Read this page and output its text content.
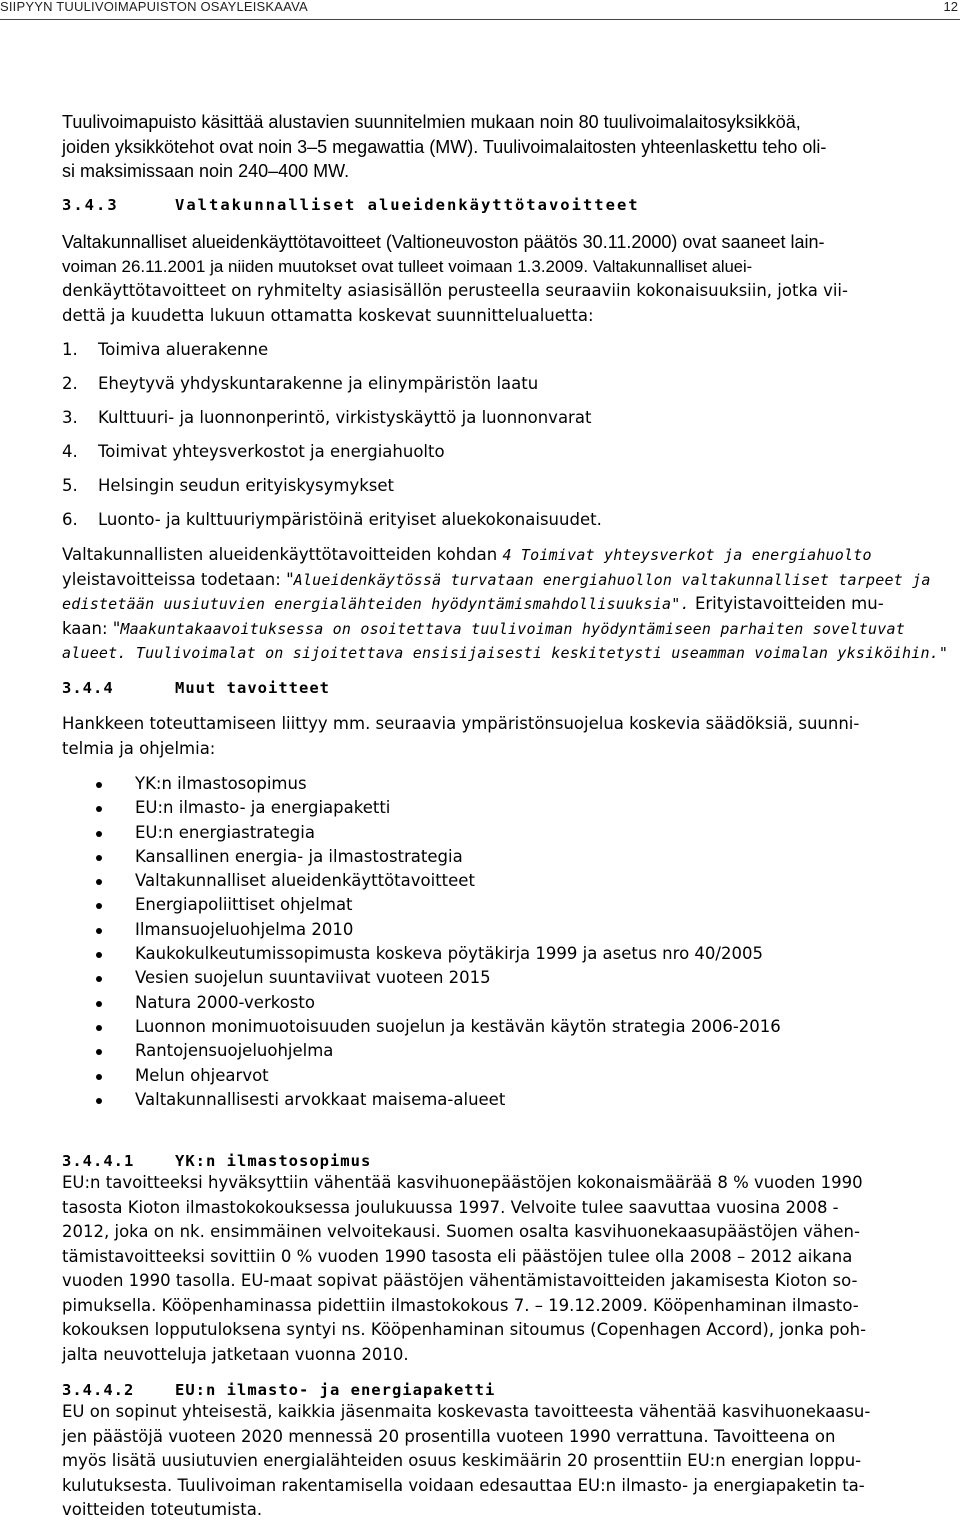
SIIPYYN TUULIVOIMAPUISTON OSAYLEISKAAVA	12
Tuulivoimapuisto käsittää alustavien suunnitelmien mukaan noin 80 tuulivoimalaitosyksikköä,
joiden yksikkötehot ovat noin 3–5 megawattia (MW). Tuulivoimalaitosten yhteenlaskettu teho oli-
si maksimissaan noin 240–400 MW.
3.4.3	Valtakunnalliset alueidenkäyttötavoitteet
Valtakunnalliset alueidenkäyttötavoitteet (Valtioneuvoston päätös 30.11.2000) ovat saaneet lain-
voiman 26.11.2001 ja niiden muutokset ovat tulleet voimaan 1.3.2009. Valtakunnalliset aluei-
denkäyttötavoitteet on ryhmitelty asiasisällön perusteella seuraaviin kokonaisuuksiin, jotka vii-
dettä ja kuudetta lukuun ottamatta koskevat suunnittelualuetta:
1. Toimiva aluerakenne
2. Eheytyvä yhdyskuntarakenne ja elinympäristön laatu
3. Kulttuuri- ja luonnonperintö, virkistyskäyttö ja luonnonvarat
4. Toimivat yhteysverkostot ja energiahuolto
5. Helsingin seudun erityiskysymykset
6. Luonto- ja kulttuuriympäristöinä erityiset aluekokonaisuudet.
Valtakunnallisten alueidenkäyttötavoitteiden kohdan 4 Toimivat yhteysverkot ja energiahuolto
yleistavoitteissa todetaan: "Alueidenkäytössä turvataan energiahuollon valtakunnalliset tarpeet ja
edistetään uusiutuvien energialähteiden hyödyntämismahdollisuuksia". Erityistavoitteiden mu-
kaan: "Maakuntakaavoituksessa on osoitettava tuulivoiman hyödyntämiseen parhaiten soveltuvat
alueet. Tuulivoimalat on sijoitettava ensisijaisesti keskitetysti useamman voimalan yksiköihin."
3.4.4	Muut tavoitteet
Hankkeen toteuttamiseen liittyy mm. seuraavia ympäristönsuojelua koskevia säädöksiä, suunni-
telmia ja ohjelmia:
YK:n ilmastosopimus
EU:n ilmasto- ja energiapaketti
EU:n energiastrategia
Kansallinen energia- ja ilmastostrategia
Valtakunnalliset alueidenkäyttötavoitteet
Energiapoliittiset ohjelmat
Ilmansuojeluohjelma 2010
Kaukokulkeutumissopimusta koskeva pöytäkirja 1999 ja asetus nro 40/2005
Vesien suojelun suuntaviivat vuoteen 2015
Natura 2000-verkosto
Luonnon monimuotoisuuden suojelun ja kestävän käytön strategia 2006-2016
Rantojensuojeluohjelma
Melun ohjearvot
Valtakunnallisesti arvokkaat maisema-alueet
3.4.4.1	YK:n ilmastosopimus
EU:n tavoitteeksi hyväksyttiin vähentää kasvihuonepäästöjen kokonaismäärää 8 % vuoden 1990
tasosta Kioton ilmastokokouksessa joulukuussa 1997. Velvoite tulee saavuttaa vuosina 2008 -
2012, joka on nk. ensimmäinen velvoitekausi. Suomen osalta kasvihuonekaasupäästöjen vähen-
tämistavoitteeksi sovittiin 0 % vuoden 1990 tasosta eli päästöjen tulee olla 2008 – 2012 aikana
vuoden 1990 tasolla. EU-maat sopivat päästöjen vähentämistavoitteiden jakamisesta Kioton so-
pimuksella. Kööpenhaminassa pidettiin ilmastokokous 7. – 19.12.2009. Kööpenhaminan ilmasto-
kokouksen lopputuloksena syntyi ns. Kööpenhaminan sitoumus (Copenhagen Accord), jonka poh-
jalta neuvotteluja jatketaan vuonna 2010.
3.4.4.2	EU:n ilmasto- ja energiapaketti
EU on sopinut yhteisestä, kaikkia jäsenmaita koskevasta tavoitteesta vähentää kasvihuonekaasu-
jen päästöjä vuoteen 2020 mennessä 20 prosentilla vuoteen 1990 verrattuna. Tavoitteena on
myös lisätä uusiutuvien energialähteiden osuus keskimäärin 20 prosenttiin EU:n energian loppu-
kulutuksesta. Tuulivoiman rakentamisella voidaan edesauttaa EU:n ilmasto- ja energiapaketin ta-
voitteiden toteutumista.
